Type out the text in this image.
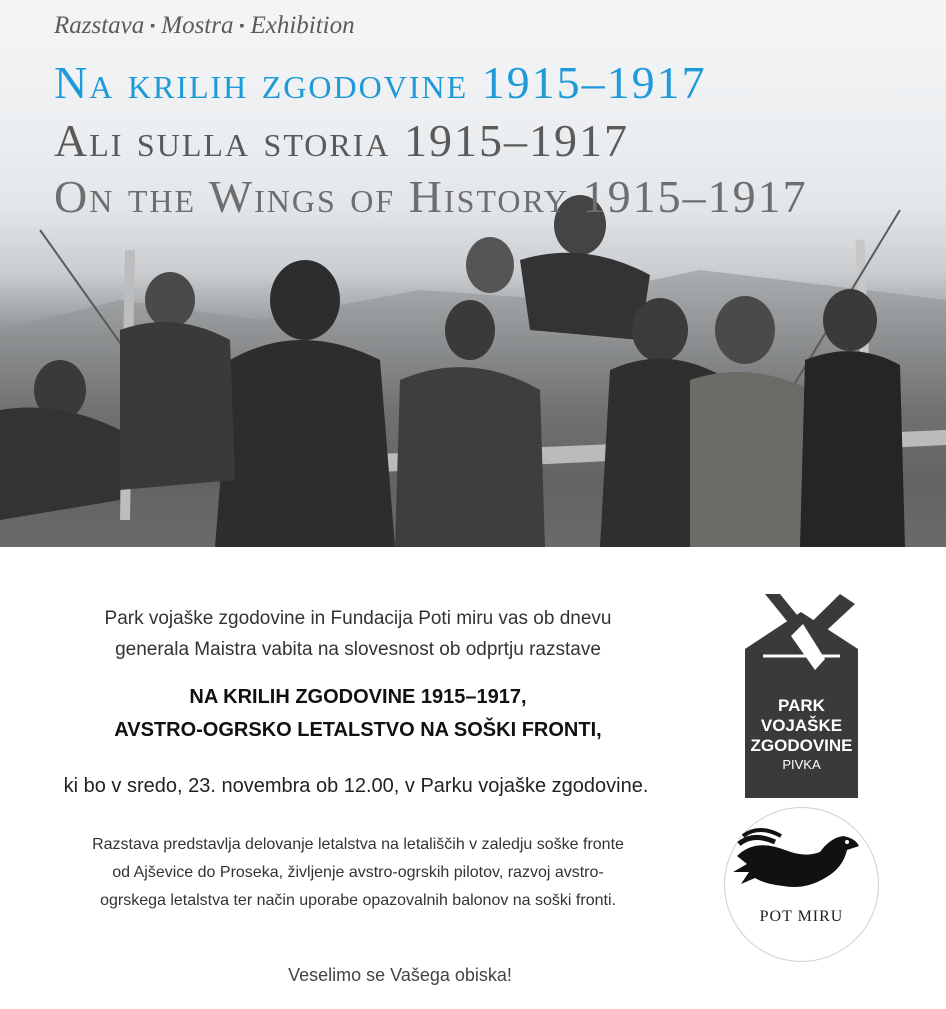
Razstava ▪ Mostra ▪ Exhibition
Na krilih zgodovine 1915–1917
Ali sulla storia 1915–1917
On the Wings of History 1915–1917
Park vojaške zgodovine in Fundacija Poti miru vas ob dnevu
generala Maistra vabita na slovesnost ob odprtju razstave
NA KRILIH ZGODOVINE 1915–1917,
AVSTRO-OGRSKO LETALSTVO NA SOŠKI FRONTI,
ki bo v sredo, 23. novembra ob 12.00, v Parku vojaške zgodovine.
Razstava predstavlja delovanje letalstva na letališčih v zaledju soške fronte
od Ajševice do Proseka, življenje avstro-ogrskih pilotov, razvoj avstro-
ogrskega letalstva ter način uporabe opazovalnih balonov na soški fronti.
Veselimo se Vašega obiska!
PARK
VOJAŠKE
ZGODOVINE
PIVKA
POT MIRU
